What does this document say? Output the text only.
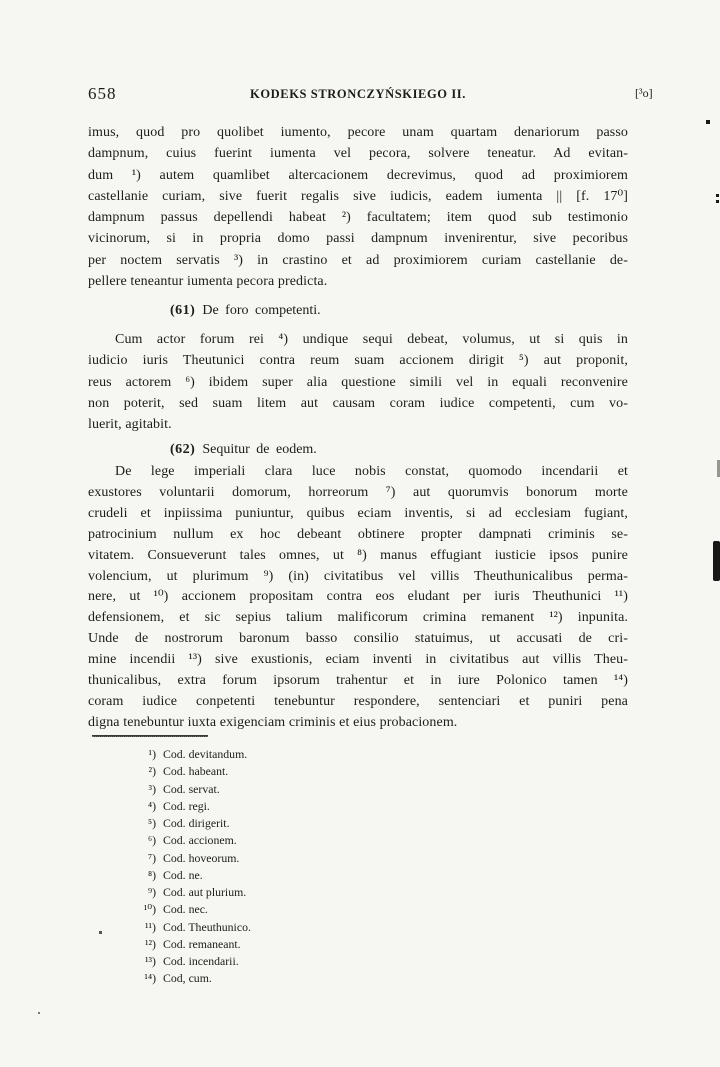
658	KODEKS STRONCZYŃSKIEGO II.	[³o]
imus, quod pro quolibet iumento, pecore unam quartam denariorum passo
dampnum, cuius fuerint iumenta vel pecora, solvere teneatur. Ad evitan-
dum ¹) autem quamlibet altercacionem decrevimus, quod ad proximiorem
castellanie curiam, sive fuerit regalis sive iudicis, eadem iumenta || [f. 17⁰]
dampnum passus depellendi habeat ²) facultatem; item quod sub testimonio
vicinorum, si in propria domo passi dampnum invenirentur, sive pecoribus
per noctem servatis ³) in crastino et ad proximiorem curiam castellanie de-
pellere teneantur iumenta pecora predicta.
(61) De foro competenti.
Cum actor forum rei ⁴) undique sequi debeat, volumus, ut si quis in
iudicio iuris Theutunici contra reum suam accionem dirigit ⁵) aut proponit,
reus actorem ⁶) ibidem super alia questione simili vel in equali reconvenire
non poterit, sed suam litem aut causam coram iudice competenti, cum vo-
luerit, agitabit.
(62) Sequitur de eodem.
De lege imperiali clara luce nobis constat, quomodo incendarii et
exustores voluntarii domorum, horreorum ⁷) aut quorumvis bonorum morte
crudeli et inpiissima puniuntur, quibus eciam inventis, si ad ecclesiam fugiant,
patrocinium nullum ex hoc debeant obtinere propter dampnati criminis se-
vitatem. Consueverunt tales omnes, ut ⁸) manus effugiant iusticie ipsos punire
volencium, ut plurimum ⁹) (in) civitatibus vel villis Theuthunicalibus perma-
nere, ut ¹⁰) accionem propositam contra eos eludant per iuris Theuthunici ¹¹)
defensionem, et sic sepius talium malificorum crimina remanent ¹²) inpunita.
Unde de nostrorum baronum basso consilio statuimus, ut accusati de cri-
mine incendii ¹³) sive exustionis, eciam inventi in civitatibus aut villis Theu-
thunicalibus, extra forum ipsorum trahentur et in iure Polonico tamen ¹⁴)
coram iudice conpetenti tenebuntur respondere, sentenciari et puniri pena
digna tenebuntur iuxta exigenciam criminis et eius probacionem.
¹) Cod. devitandum.
²) Cod. habeant.
³) Cod. servat.
⁴) Cod. regi.
⁵) Cod. dirigerit.
⁶) Cod. accionem.
⁷) Cod. hoveorum.
⁸) Cod. ne.
⁹) Cod. aut plurium.
¹⁰) Cod. nec.
¹¹) Cod. Theuthunico.
¹²) Cod. remaneant.
¹³) Cod. incendarii.
¹⁴) Cod, cum.
